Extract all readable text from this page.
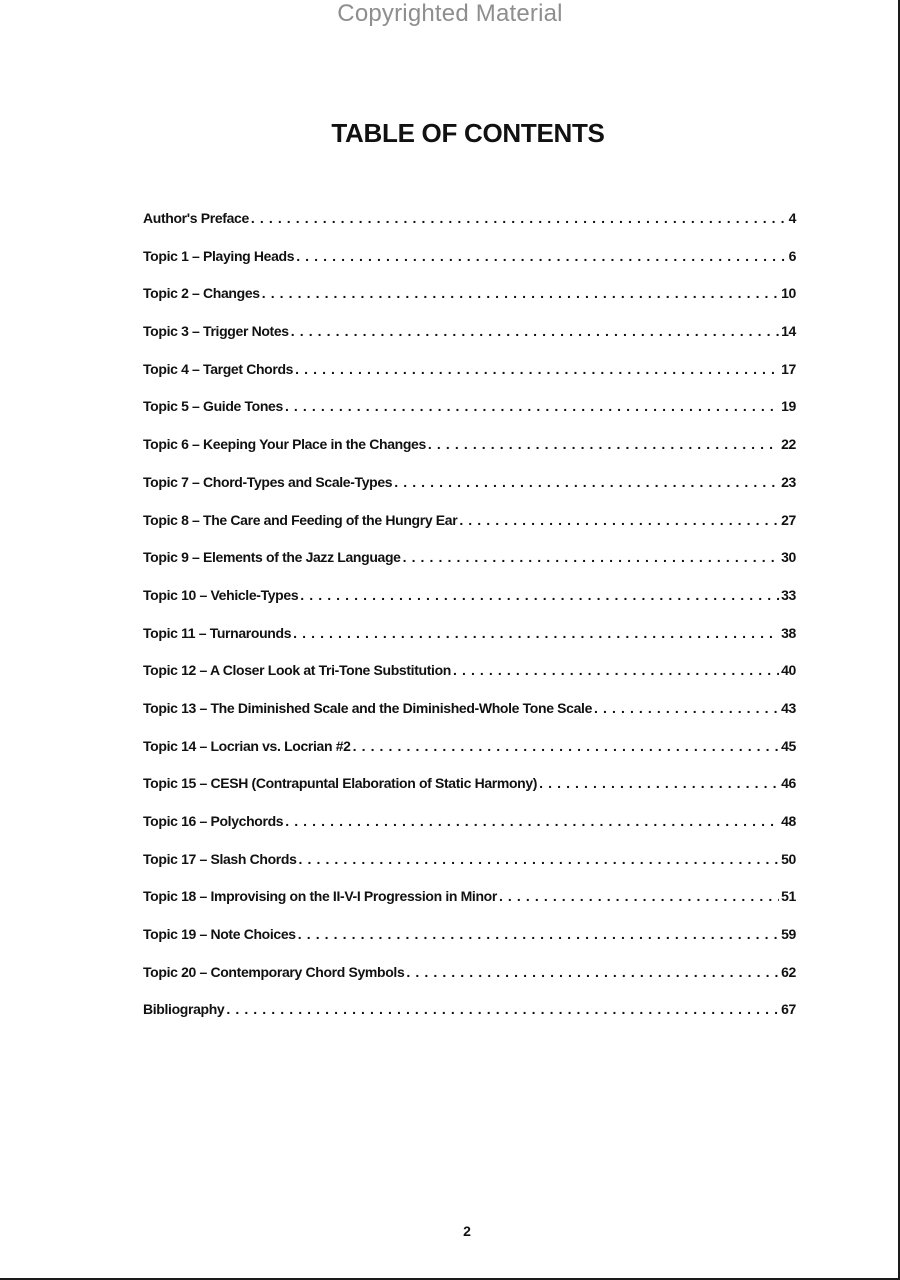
Copyrighted Material
TABLE OF CONTENTS
Author's Preface . . .	4
Topic 1 – Playing Heads . . .	6
Topic 2 – Changes . . .	10
Topic 3 – Trigger Notes . . .	14
Topic 4 – Target Chords . . .	17
Topic 5 – Guide Tones . . .	19
Topic 6 – Keeping Your Place in the Changes . . .	22
Topic 7 – Chord-Types and Scale-Types . . .	23
Topic 8 – The Care and Feeding of the Hungry Ear . . .	27
Topic 9 – Elements of the Jazz Language . . .	30
Topic 10 – Vehicle-Types . . .	33
Topic 11 – Turnarounds . . .	38
Topic 12 – A Closer Look at Tri-Tone Substitution . . .	40
Topic 13 – The Diminished Scale and the Diminished-Whole Tone Scale . . .	43
Topic 14 – Locrian vs. Locrian #2 . . .	45
Topic 15 – CESH (Contrapuntal Elaboration of Static Harmony) . . .	46
Topic 16 – Polychords . . .	48
Topic 17 – Slash Chords . . .	50
Topic 18 – Improvising on the II-V-I Progression in Minor . . .	51
Topic 19 – Note Choices . . .	59
Topic 20 – Contemporary Chord Symbols . . .	62
Bibliography . . .	67
2
